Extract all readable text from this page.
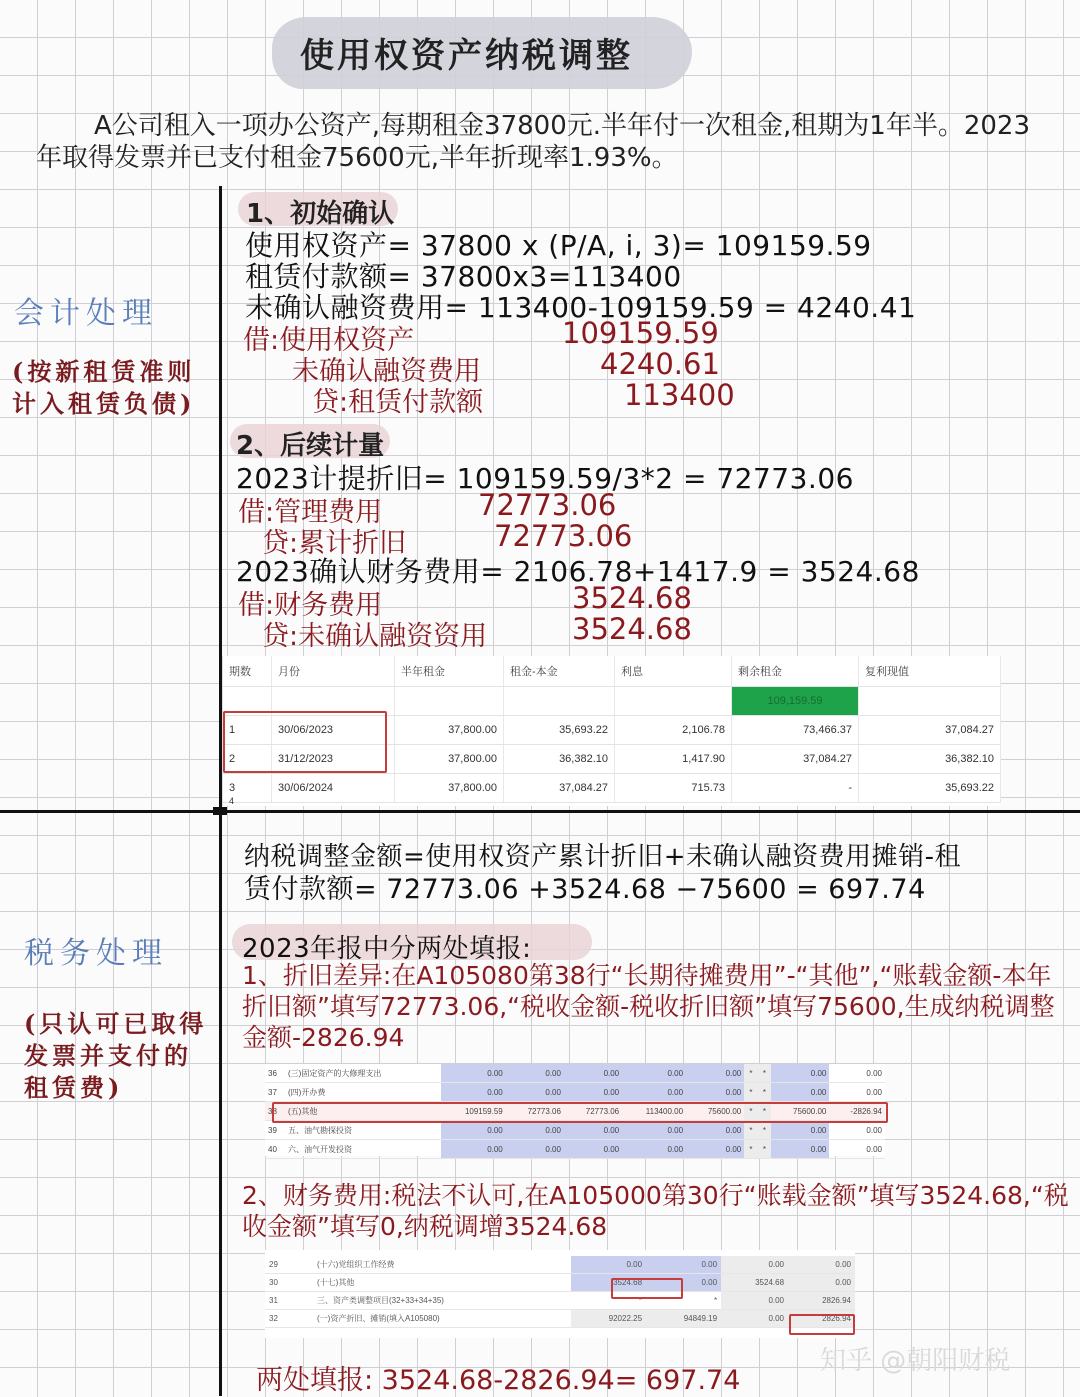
使用权资产纳税调整
A公司租入一项办公资产,每期租金37800元.半年付一次租金,租期为1年半。2023年取得发票并已支付租金75600元,半年折现率1.93%。
会计处理
(按新租赁准则计入租赁负债)
1、初始确认
使用权资产= 37800 x (P/A, i, 3)= 109159.59
租赁付款额= 37800x3=113400
未确认融资费用= 113400-109159.59 = 4240.41
借:使用权资产	109159.59
未确认融资费用	4240.61
贷:租赁付款额	113400
2、后续计量
2023计提折旧= 109159.59/3*2 = 72773.06
借:管理费用	72773.06
贷:累计折旧	72773.06
2023确认财务费用= 2106.78+1417.9 = 3524.68
借:财务费用	3524.68
贷:未确认融资资用	3524.68
期数	月份	半年租金	租金-本金	利息	剩余租金	复利现值
					109,159.59	
1	30/06/2023	37,800.00	35,693.22	2,106.78	73,466.37	37,084.27
2	31/12/2023	37,800.00	36,382.10	1,417.90	37,084.27	36,382.10
3	30/06/2024	37,800.00	37,084.27	715.73	-	35,693.22
4
税务处理
(只认可已取得发票并支付的租赁费)
纳税调整金额=使用权资产累计折旧+未确认融资费用摊销-租
赁付款额= 72773.06 +3524.68 −75600 = 697.74
2023年报中分两处填报:
1、折旧差异:在A105080第38行“长期待摊费用”-“其他”,“账载金额-本年折旧额”填写72773.06,“税收金额-税收折旧额”填写75600,生成纳税调整金额-2826.94
36	(三)固定资产的大修理支出	0.00	0.00	0.00	0.00	0.00	*	*	0.00	0.00
37	(四)开办费	0.00	0.00	0.00	0.00	0.00	*	*	0.00	0.00
38	(五)其他	109159.59	72773.06	72773.06	113400.00	75600.00	*	*	75600.00	-2826.94
39	五、油气勘探投资	0.00	0.00	0.00	0.00	0.00	*	*	0.00	0.00
40	六、油气开发投资	0.00	0.00	0.00	0.00	0.00	*	*	0.00	0.00
2、财务费用:税法不认可,在A105000第30行“账载金额”填写3524.68,“税收金额”填写0,纳税调增3524.68
29	(十六)党组织工作经费	0.00	0.00	0.00	0.00
30	(十七)其他	3524.68	0.00	3524.68	0.00
31	三、资产类调整项目(32+33+34+35)	*	*	0.00	2826.94
32	(一)资产折旧、摊销(填入A105080)	92022.25	94849.19	0.00	2826.94
两处填报: 3524.68-2826.94= 697.74
知乎 @朝阳财税
